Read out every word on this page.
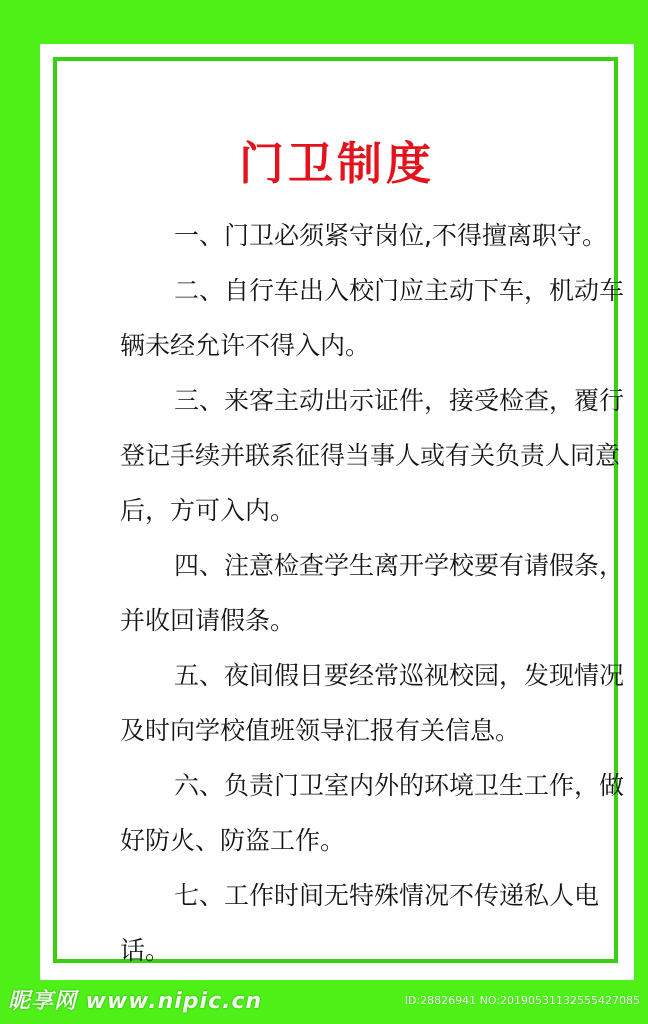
门卫制度
一、门卫必须紧守岗位,不得擅离职守。
二、自行车出入校门应主动下车，机动车辆未经允许不得入内。
三、来客主动出示证件，接受检查，覆行登记手续并联系征得当事人或有关负责人同意后，方可入内。
四、注意检查学生离开学校要有请假条，并收回请假条。
五、夜间假日要经常巡视校园，发现情况及时向学校值班领导汇报有关信息。
六、负责门卫室内外的环境卫生工作，做好防火、防盗工作。
七、工作时间无特殊情况不传递私人电话。
昵享网 www.nipic.cn	ID:28826941 NO:20190531132555427085
